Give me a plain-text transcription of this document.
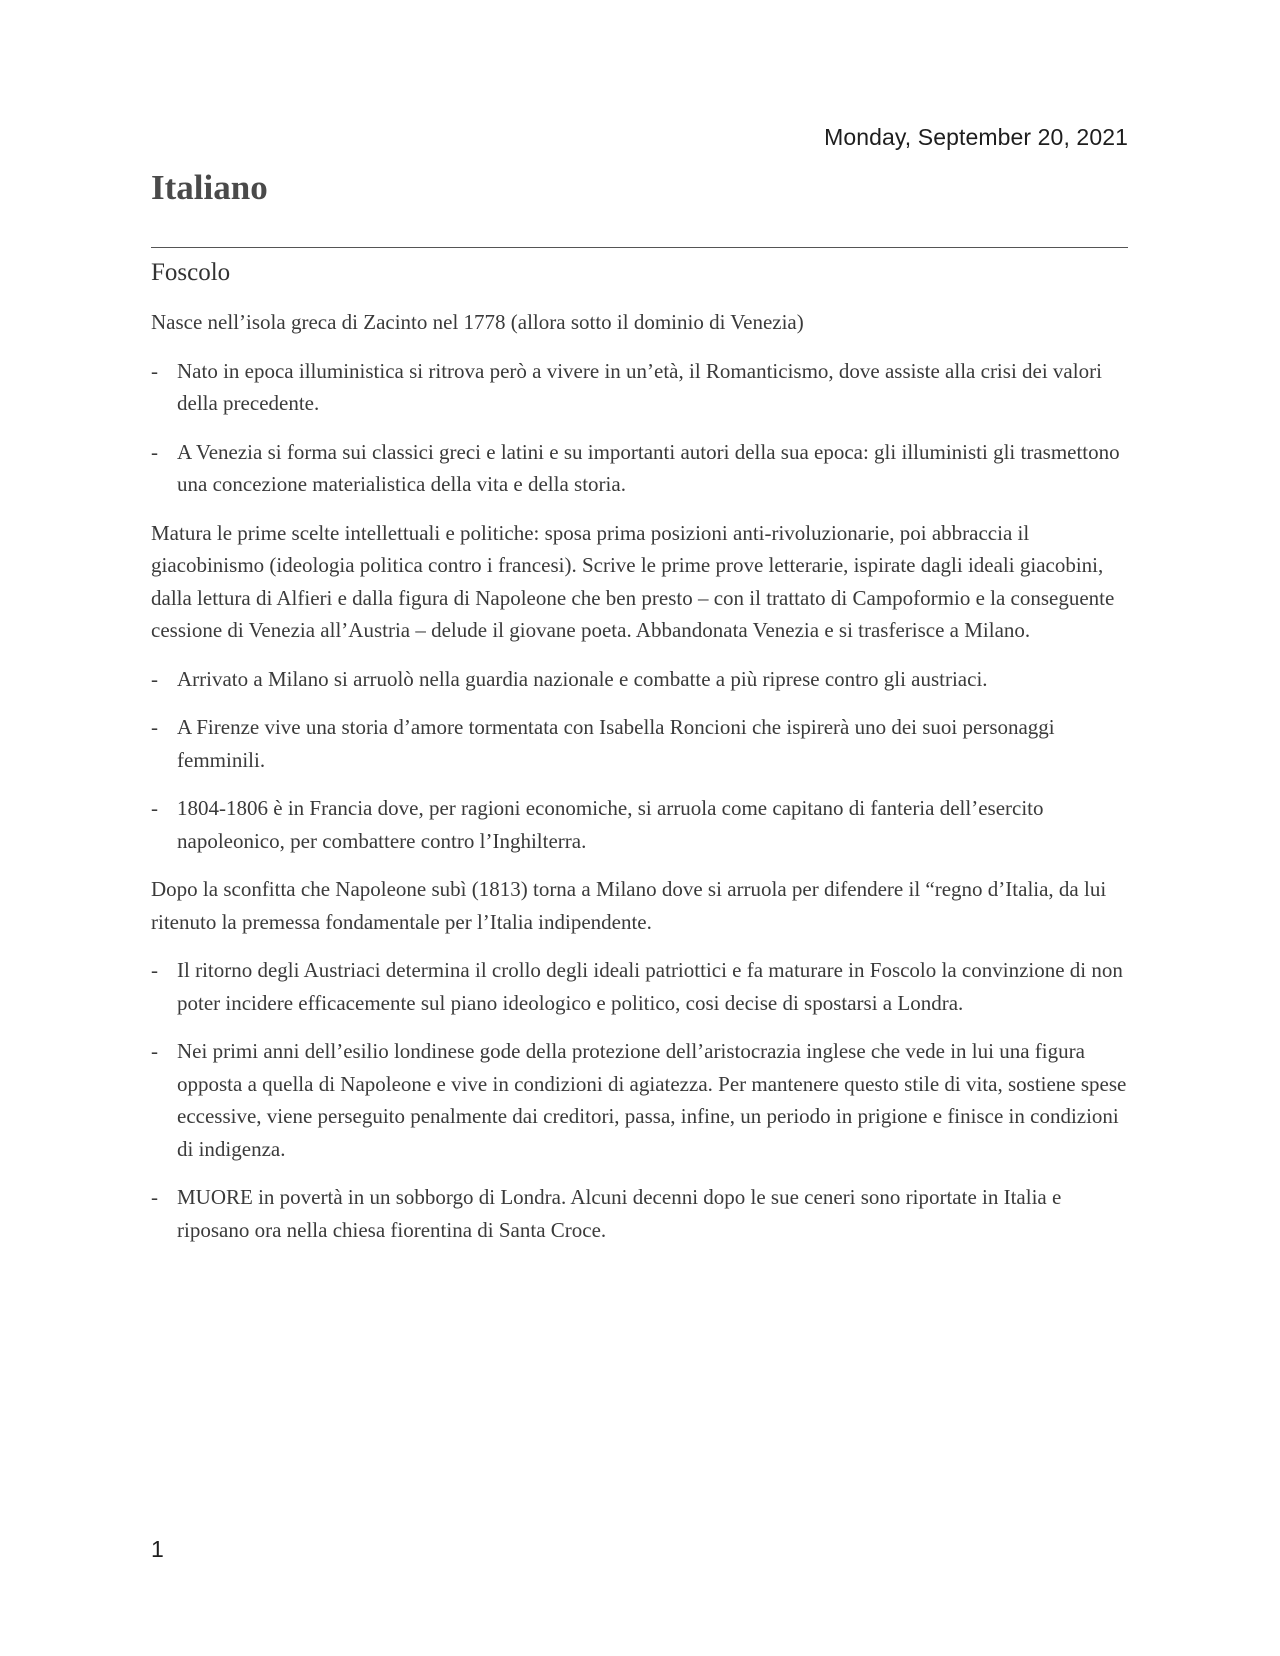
Monday, September 20, 2021
Italiano
Foscolo

Nasce nell’isola greca di Zacinto nel 1778 (allora sotto il dominio di Venezia)

- Nato in epoca illuministica si ritrova però a vivere in un’età, il Romanticismo, dove assiste alla crisi dei valori della precedente.
- A Venezia si forma sui classici greci e latini e su importanti autori della sua epoca: gli illuministi gli trasmettono una concezione materialistica della vita e della storia.

Matura le prime scelte intellettuali e politiche: sposa prima posizioni anti-rivoluzionarie, poi abbraccia il giacobinismo (ideologia politica contro i francesi). Scrive le prime prove letterarie, ispirate dagli ideali giacobini, dalla lettura di Alfieri e dalla figura di Napoleone che ben presto – con il trattato di Campoformio e la conseguente cessione di Venezia all’Austria – delude il giovane poeta. Abbandonata Venezia e si trasferisce a Milano.

- Arrivato a Milano si arruolò nella guardia nazionale e combatte a più riprese contro gli austriaci.
- A Firenze vive una storia d’amore tormentata con Isabella Roncioni che ispirerà uno dei suoi personaggi femminili.
- 1804-1806 è in Francia dove, per ragioni economiche, si arruola come capitano di fanteria dell’esercito napoleonico, per combattere contro l’Inghilterra.

Dopo la sconfitta che Napoleone subì (1813) torna a Milano dove si arruola per difendere il “regno d’Italia, da lui ritenuto la premessa fondamentale per l’Italia indipendente.

- Il ritorno degli Austriaci determina il crollo degli ideali patriottici e fa maturare in Foscolo la convinzione di non poter incidere efficacemente sul piano ideologico e politico, cosi decise di spostarsi a Londra.
- Nei primi anni dell’esilio londinese gode della protezione dell’aristocrazia inglese che vede in lui una figura opposta a quella di Napoleone e vive in condizioni di agiatezza. Per mantenere questo stile di vita, sostiene spese eccessive, viene perseguito penalmente dai creditori, passa, infine, un periodo in prigione e finisce in condizioni di indigenza.
- MUORE in povertà in un sobborgo di Londra. Alcuni decenni dopo le sue ceneri sono riportate in Italia e riposano ora nella chiesa fiorentina di Santa Croce.
1
